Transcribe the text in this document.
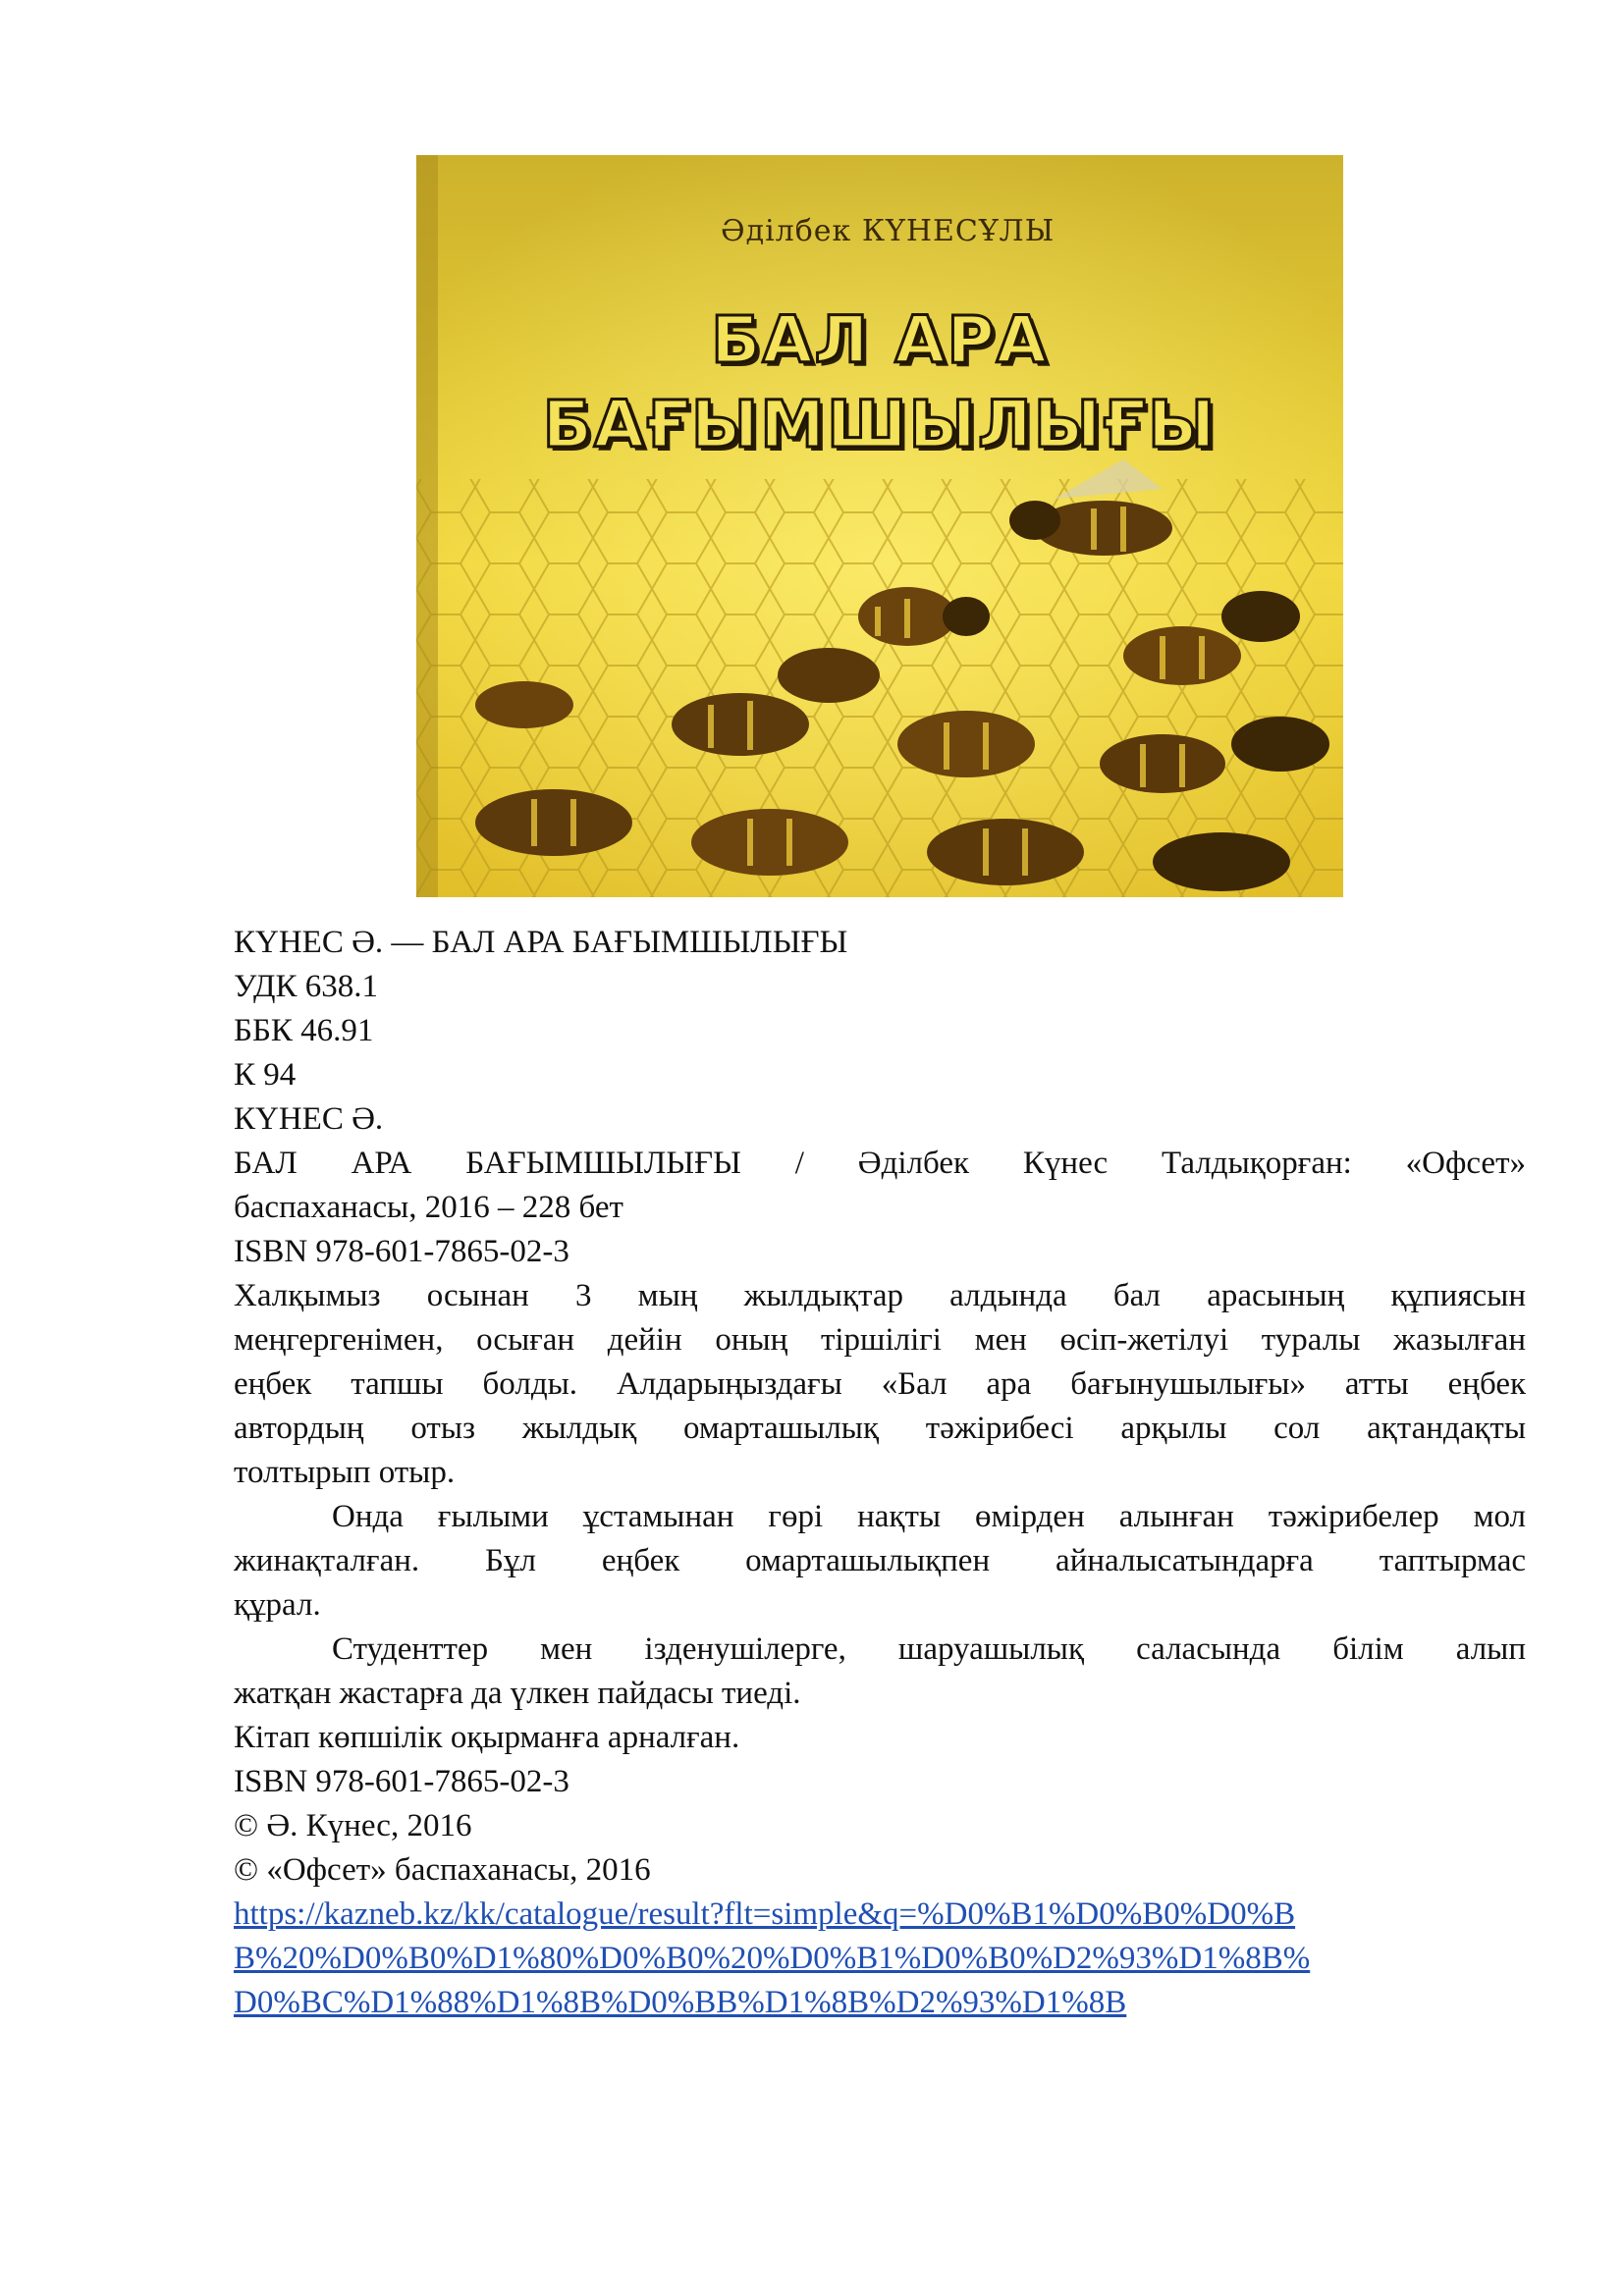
Әділбек КҮНЕСҰЛЫ
БАЛ АРА
БАҒЫМШЫЛЫҒЫ
КҮНЕС Ә. — БАЛ АРА БАҒЫМШЫЛЫҒЫ
УДК 638.1
ББК 46.91
К 94
КҮНЕС Ә.
БАЛ АРА БАҒЫМШЫЛЫҒЫ / Әділбек Күнес Талдықорған: «Офсет»
баспаханасы, 2016 – 228 бет
ISBN 978-601-7865-02-3
Халқымыз осынан 3 мың жылдықтар алдында бал арасының құпиясын
меңгергенімен, осыған дейін оның тіршілігі мен өсіп-жетілуі туралы жазылған
еңбек тапшы болды. Алдарыңыздағы «Бал ара бағынушылығы» атты еңбек
автордың отыз жылдық омарташылық тәжірибесі арқылы сол ақтандақты
толтырып отыр.
Онда ғылыми ұстамынан гөрі нақты өмірден алынған тәжірибелер мол
жинақталған. Бұл еңбек омарташылықпен айналысатындарға таптырмас
құрал.
Студенттер мен ізденушілерге, шаруашылық саласында білім алып
жатқан жастарға да үлкен пайдасы тиеді.
Кітап көпшілік оқырманға арналған.
ISBN 978-601-7865-02-3
© Ә. Күнес, 2016
© «Офсет» баспаханасы, 2016
https://kazneb.kz/kk/catalogue/result?flt=simple&q=%D0%B1%D0%B0%D0%B
B%20%D0%B0%D1%80%D0%B0%20%D0%B1%D0%B0%D2%93%D1%8B%
D0%BC%D1%88%D1%8B%D0%BB%D1%8B%D2%93%D1%8B
